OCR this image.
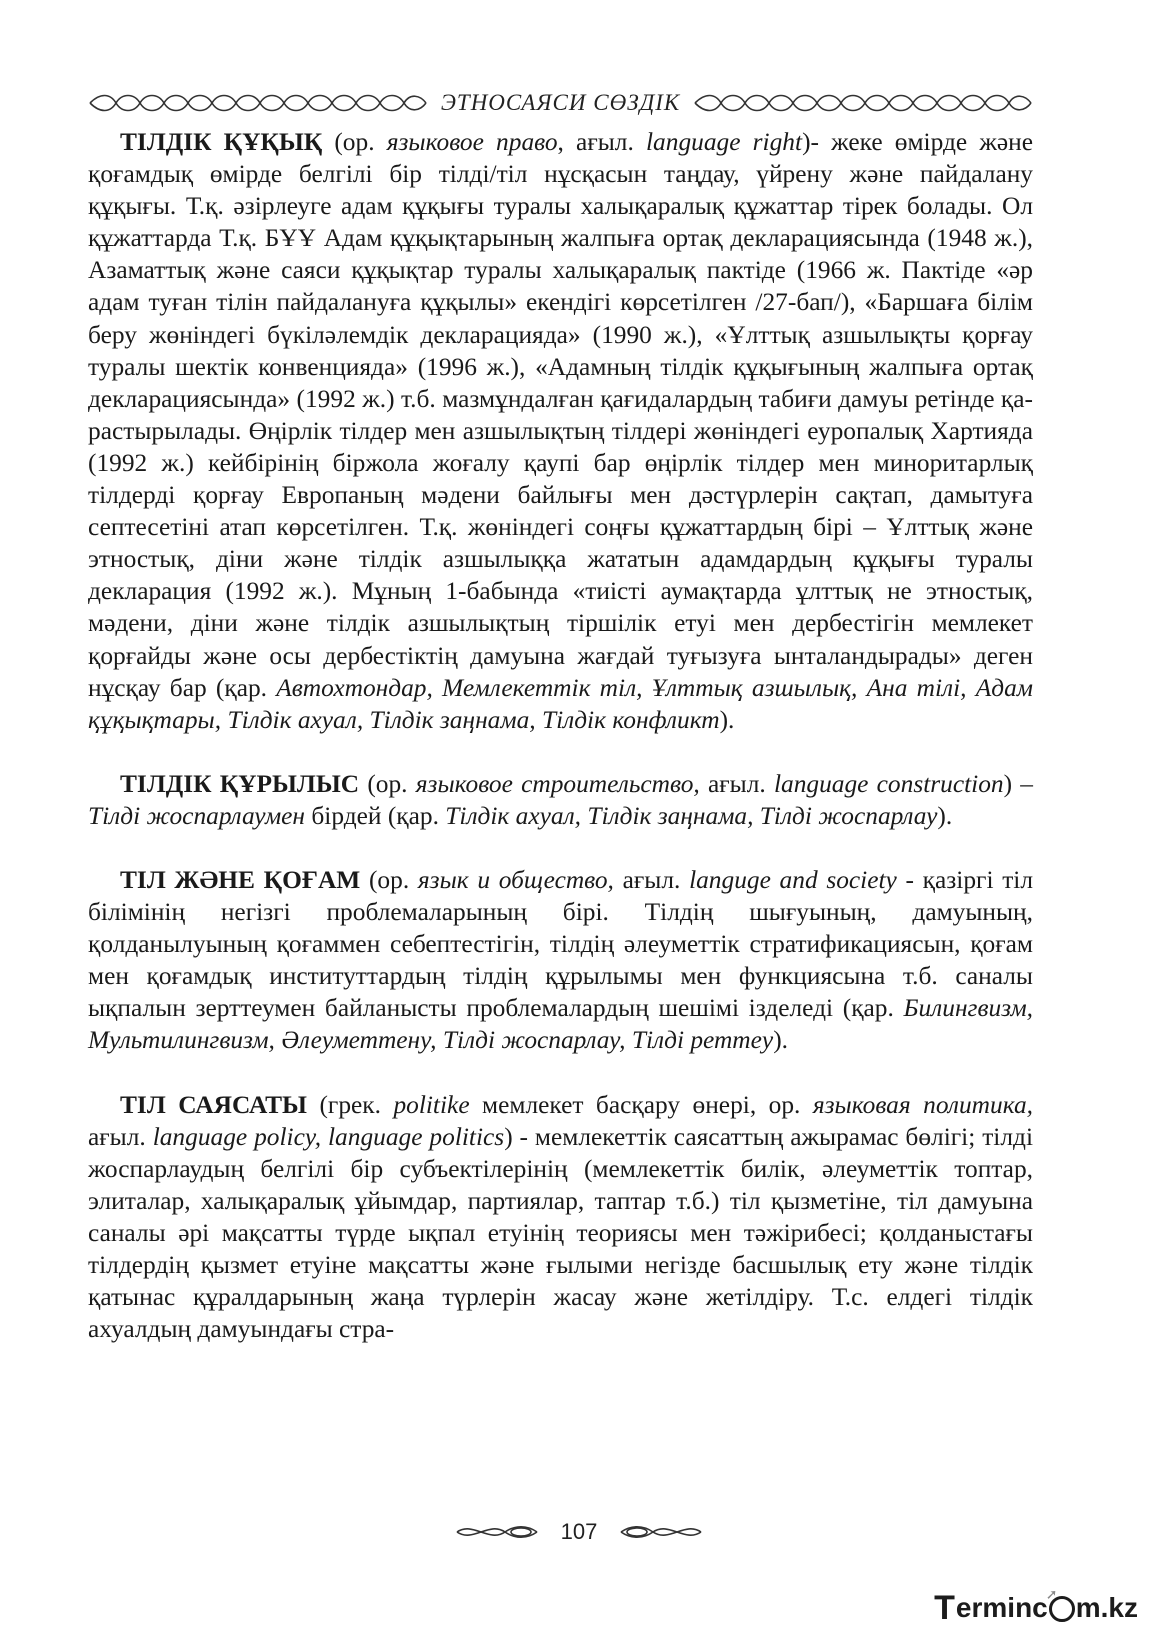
ЭТНОСАЯСИ СӨЗДІК

ТІЛДІК ҚҰҚЫҚ (ор. языковое право, ағыл. language right)- жеке өмірде және қоғамдық өмірде белгілі бір тілді/тіл нұсқасын таңдау, үйрену және пайдалану құқығы. Т.қ. әзірлеуге адам құқығы туралы халықаралық құжаттар тірек болады. Ол құжаттарда Т.қ. БҰҰ Адам құқықтарының жалпыға ортақ декларациясында (1948 ж.), Азаматтық және саяси құқықтар туралы халықаралық пактіде (1966 ж. Пактіде «әр адам туған тілін пайдалануға құқылы» екендігі көрсетілген /27-бап/), «Баршаға білім беру жөніндегі бүкіләлемдік декларацияда» (1990 ж.), «Ұлттық азшылықты қорғау туралы шектік конвенцияда» (1996 ж.), «Адамның тілдік құқығының жалпыға ортақ декларациясында» (1992 ж.) т.б. мазмұндалған қағидалардың табиғи дамуы ретінде қарастырылады. Өңірлік тілдер мен азшылықтың тілдері жөніндегі еуропалық Хартияда (1992 ж.) кейбірінің біржола жоғалу қаупі бар өңірлік тілдер мен миноритарлық тілдерді қорғау Европаның мәдени байлығы мен дәстүрлерін сақтап, дамытуға септесетіні атап көрсетілген. Т.қ. жөніндегі соңғы құжаттардың бірі – Ұлттық және этностық, діни және тілдік азшылыққа жататын адамдардың құқығы туралы декларация (1992 ж.). Мұның 1-бабында «тиісті аумақтарда ұлттық не этностық, мәдени, діни және тілдік азшылықтың тіршілік етуі мен дербестігін мемлекет қорғайды және осы дербестіктің дамуына жағдай туғызуға ынталандырады» деген нұсқау бар (қар. Автохтондар, Мемлекеттік тіл, Ұлттық азшылық, Ана тілі, Адам құқықтары, Тілдік ахуал, Тілдік заңнама, Тілдік конфликт).

ТІЛДІК ҚҰРЫЛЫС (ор. языковое строительство, ағыл. language construction) – Тілді жоспарлаумен бірдей (қар. Тілдік ахуал, Тілдік заңнама, Тілді жоспарлау).

ТІЛ ЖӘНЕ ҚОҒАМ (ор. язык и общество, ағыл. languge and society - қазіргі тіл білімінің негізгі проблемаларының бірі. Тілдің шығуының, дамуының, қолданылуының қоғаммен себептестігін, тілдің әлеуметтік стратификациясын, қоғам мен қоғамдық институттардың тілдің құрылымы мен функциясына т.б. саналы ықпалын зерттеумен байланысты проблемалардың шешімі ізделеді (қар. Билингвизм, Мультилингвизм, Әлеуметтену, Тілді жоспарлау, Тілді реттеу).

ТІЛ САЯСАТЫ (грек. politike мемлекет басқару өнері, ор. языковая политика, ағыл. language policy, language politics) - мемлекеттік саясаттың ажырамас бөлігі; тілді жоспарлаудың белгілі бір субъектілерінің (мемлекеттік билік, әлеуметтік топтар, элиталар, халықаралық ұйымдар, партиялар, таптар т.б.) тіл қызметіне, тіл дамуына саналы әрі мақсатты түрде ықпал етуінің теориясы мен тәжірибесі; қолданыстағы тілдердің қызмет етуіне мақсатты және ғылыми негізде басшылық ету және тілдік қатынас құралдарының жаңа түрлерін жасау және жетілдіру. Т.с. елдегі тілдік ахуалдың дамуындағы стра-

107
T erminc
➚ m.kz
